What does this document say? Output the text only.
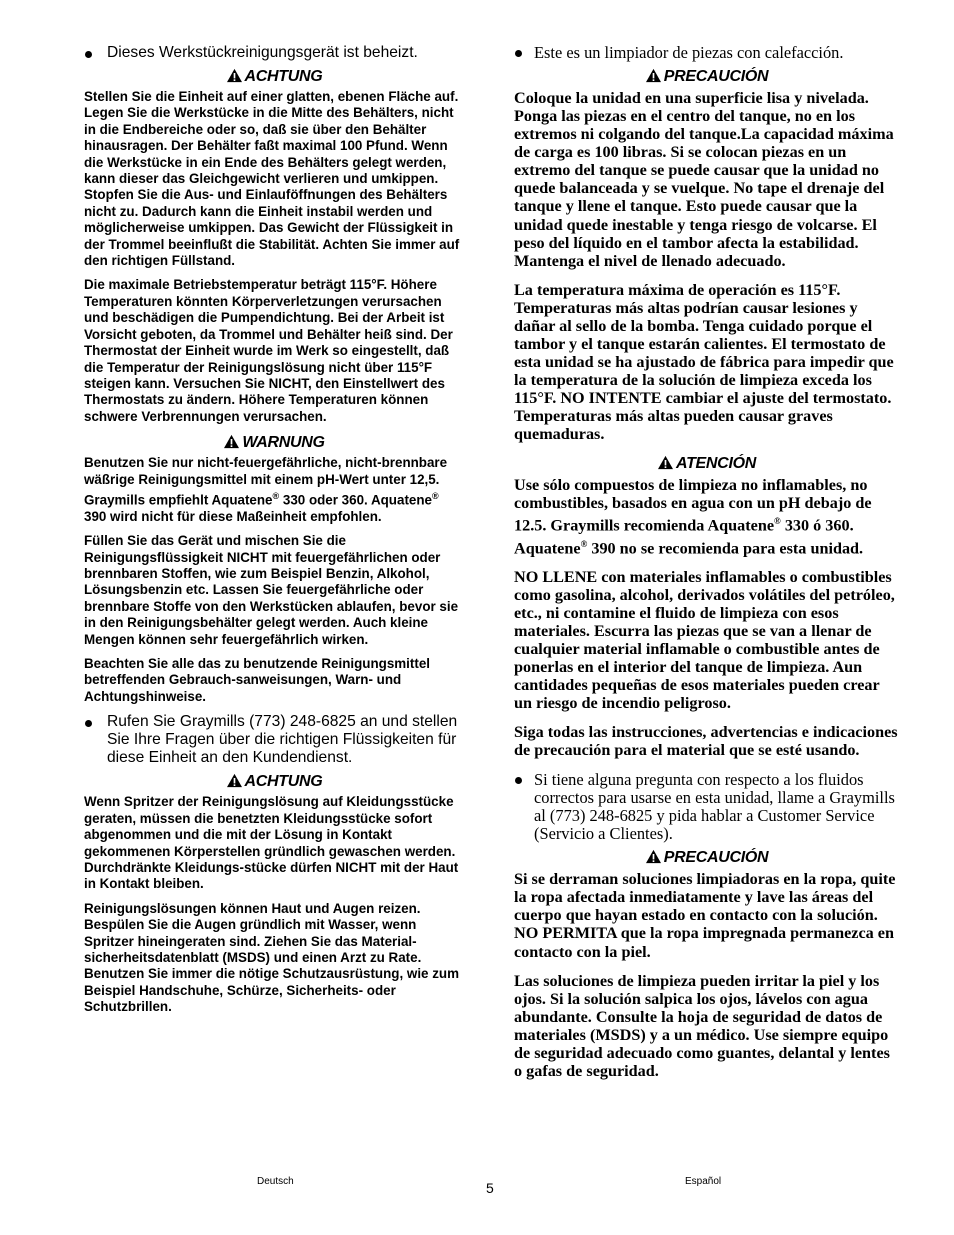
Dieses Werkstückreinigungsgerät ist beheizt.
ACHTUNG
Stellen Sie die Einheit auf einer glatten, ebenen Fläche auf. Legen Sie die Werkstücke in die Mitte des Behälters, nicht in die Endbereiche oder so, daß sie über den Behälter hinausragen. Der Behälter faßt maximal 100 Pfund. Wenn die Werkstücke in ein Ende des Behälters gelegt werden, kann dieser das Gleichgewicht verlieren und umkippen. Stopfen Sie die Aus- und Einlauföffnungen des Behälters nicht zu. Dadurch kann die Einheit instabil werden und möglicherweise umkippen. Das Gewicht der Flüssigkeit in der Trommel beeinflußt die Stabilität. Achten Sie immer auf den richtigen Füllstand.
Die maximale Betriebstemperatur beträgt 115°F. Höhere Temperaturen könnten Körperverletzungen verursachen und beschädigen die Pumpendichtung. Bei der Arbeit ist Vorsicht geboten, da Trommel und Behälter heiß sind. Der Thermostat der Einheit wurde im Werk so eingestellt, daß die Temperatur der Reinigungslösung nicht über 115°F steigen kann. Versuchen Sie NICHT, den Einstellwert des Thermostats zu ändern. Höhere Temperaturen können schwere Verbrennungen verursachen.
WARNUNG
Benutzen Sie nur nicht-feuergefährliche, nicht-brennbare wäßrige Reinigungsmittel mit einem pH-Wert unter 12,5. Graymills empfiehlt Aquatene® 330 oder 360. Aquatene® 390 wird nicht für diese Maßeinheit empfohlen.
Füllen Sie das Gerät und mischen Sie die Reinigungsflüssigkeit NICHT mit feuergefährlichen oder brennbaren Stoffen, wie zum Beispiel Benzin, Alkohol, Lösungsbenzin etc. Lassen Sie feuergefährliche oder brennbare Stoffe von den Werkstücken ablaufen, bevor sie in den Reinigungsbehälter gelegt werden. Auch kleine Mengen können sehr feuergefährlich wirken.
Beachten Sie alle das zu benutzende Reinigungsmittel betreffenden Gebrauch-sanweisungen, Warn- und Achtungshinweise.
Rufen Sie Graymills (773) 248-6825 an und stellen Sie Ihre Fragen über die richtigen Flüssigkeiten für diese Einheit an den Kundendienst.
ACHTUNG
Wenn Spritzer der Reinigungslösung auf Kleidungsstücke geraten, müssen die benetzten Kleidungsstücke sofort abgenommen und die mit der Lösung in Kontakt gekommenen Körperstellen gründlich gewaschen werden. Durchdränkte Kleidungs-stücke dürfen NICHT mit der Haut in Kontakt bleiben.
Reinigungslösungen können Haut und Augen reizen. Bespülen Sie die Augen gründlich mit Wasser, wenn Spritzer hineingeraten sind. Ziehen Sie das Material-sicherheitsdatenblatt (MSDS) und einen Arzt zu Rate. Benutzen Sie immer die nötige Schutzausrüstung, wie zum Beispiel Handschuhe, Schürze, Sicherheits- oder Schutzbrillen.
Este es un limpiador de piezas con calefacción.
PRECAUCIÓN
Coloque la unidad en una superficie lisa y nivelada. Ponga las piezas en el centro del tanque, no en los extremos ni colgando del tanque.La capacidad máxima de carga es 100 libras. Si se colocan piezas en un extremo del tanque se puede causar que la unidad no quede balanceada y se vuelque. No tape el drenaje del tanque y llene el tanque. Esto puede causar que la unidad quede inestable y tenga riesgo de volcarse. El peso del líquido en el tambor afecta la estabilidad. Mantenga el nivel de llenado adecuado.
La temperatura máxima de operación es 115°F. Temperaturas más altas podrían causar lesiones y dañar al sello de la bomba. Tenga cuidado porque el tambor y el tanque estarán calientes. El termostato de esta unidad se ha ajustado de fábrica para impedir que la temperatura de la solución de limpieza exceda los 115°F. NO INTENTE cambiar el ajuste del termostato. Temperaturas más altas pueden causar graves quemaduras.
ATENCIÓN
Use sólo compuestos de limpieza no inflamables, no combustibles, basados en agua con un pH debajo de 12.5. Graymills recomienda Aquatene® 330 ó 360. Aquatene® 390 no se recomienda para esta unidad.
NO LLENE con materiales inflamables o combustibles como gasolina, alcohol, derivados volátiles del petróleo, etc., ni contamine el fluido de limpieza con esos materiales. Escurra las piezas que se van a llenar de cualquier material inflamable o combustible antes de ponerlas en el interior del tanque de limpieza. Aun cantidades pequeñas de esos materiales pueden crear un riesgo de incendio peligroso.
Siga todas las instrucciones, advertencias e indicaciones de precaución para el material que se esté usando.
Si tiene alguna pregunta con respecto a los fluidos correctos para usarse en esta unidad, llame a Graymills al (773) 248-6825 y pida hablar a Customer Service (Servicio a Clientes).
PRECAUCIÓN
Si se derraman soluciones limpiadoras en la ropa, quite la ropa afectada inmediatamente y lave las áreas del cuerpo que hayan estado en contacto con la solución. NO PERMITA que la ropa impregnada permanezca en contacto con la piel.
Las soluciones de limpieza pueden irritar la piel y los ojos. Si la solución salpica los ojos, lávelos con agua abundante. Consulte la hoja de seguridad de datos de materiales (MSDS) y a un médico. Use siempre equipo de seguridad adecuado como guantes, delantal y lentes o gafas de seguridad.
Deutsch	5	Español
